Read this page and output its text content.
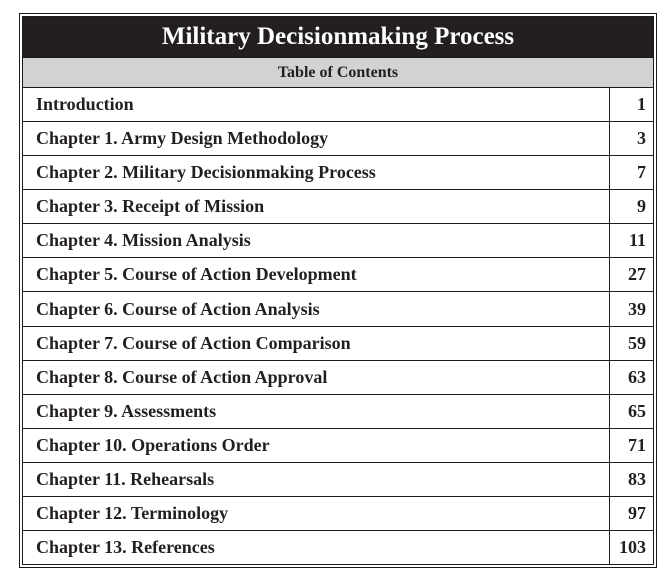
Military Decisionmaking Process
Table of Contents
Introduction	1
Chapter 1. Army Design Methodology	3
Chapter 2. Military Decisionmaking Process	7
Chapter 3. Receipt of Mission	9
Chapter 4. Mission Analysis	11
Chapter 5. Course of Action Development	27
Chapter 6. Course of Action Analysis	39
Chapter 7. Course of Action Comparison	59
Chapter 8. Course of Action Approval	63
Chapter 9. Assessments	65
Chapter 10. Operations Order	71
Chapter 11. Rehearsals	83
Chapter 12. Terminology	97
Chapter 13. References	103
